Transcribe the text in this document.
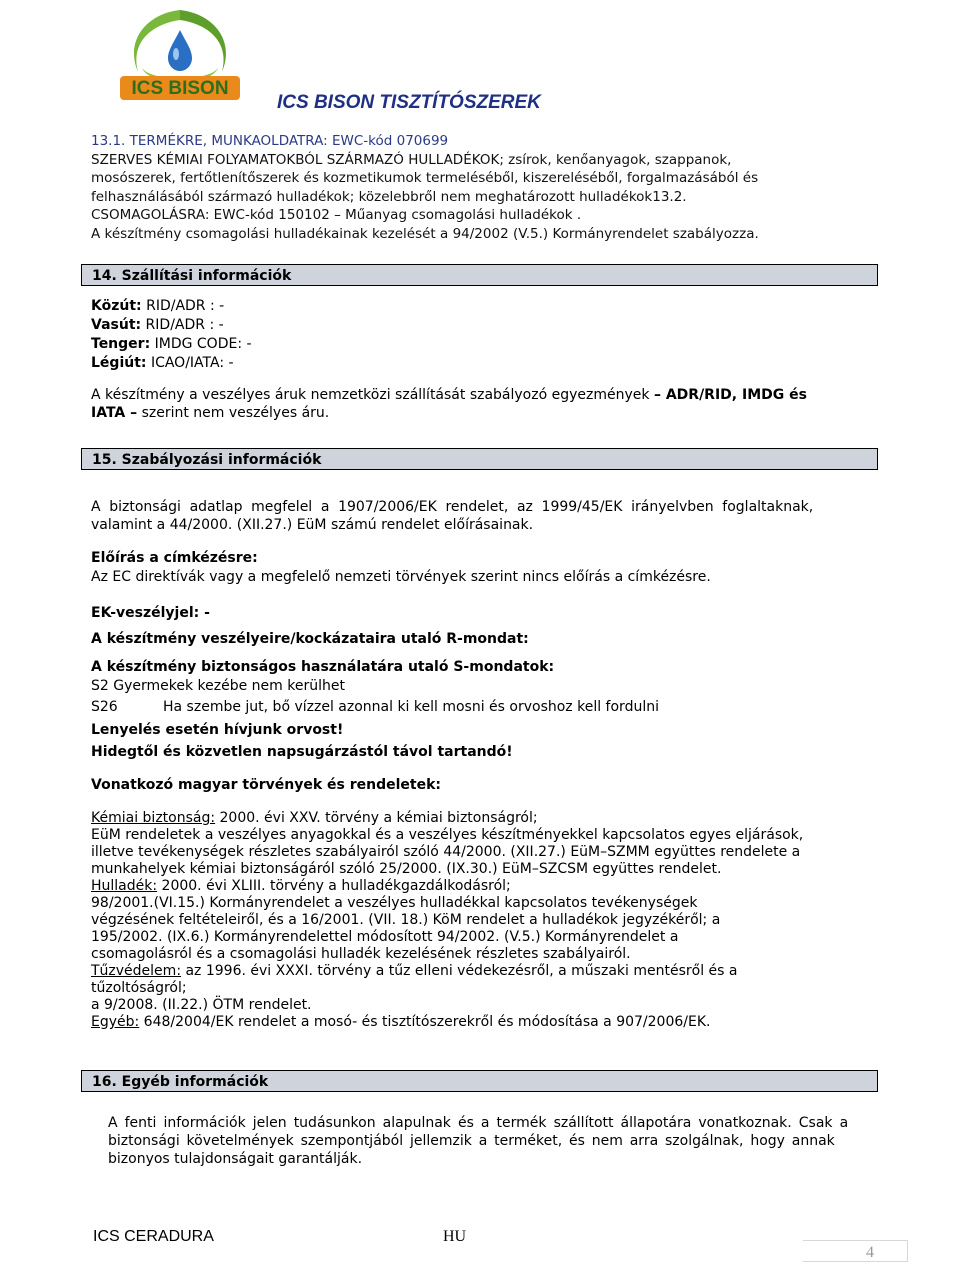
ICS BISON
ICS BISON TISZTÍTÓSZEREK
13.1. TERMÉKRE, MUNKAOLDATRA: EWC-kód 070699
SZERVES KÉMIAI FOLYAMATOKBÓL SZÁRMAZÓ HULLADÉKOK; zsírok, kenőanyagok, szappanok,
mosószerek, fertőtlenítőszerek és kozmetikumok termeléséből, kiszereléséből, forgalmazásából és
felhasználásából származó hulladékok; közelebbről nem meghatározott hulladékok13.2.
CSOMAGOLÁSRA: EWC-kód 150102 – Műanyag csomagolási hulladékok .
A készítmény csomagolási hulladékainak kezelését a 94/2002 (V.5.) Kormányrendelet szabályozza.
14. Szállítási információk
Közút: RID/ADR : -
Vasút: RID/ADR : -
Tenger: IMDG CODE: -
Légiút: ICAO/IATA: -
A készítmény a veszélyes áruk nemzetközi szállítását szabályozó egyezmények – ADR/RID, IMDG és
IATA – szerint nem veszélyes áru.
15. Szabályozási információk
A biztonsági adatlap megfelel a 1907/2006/EK rendelet, az 1999/45/EK irányelvben foglaltaknak,
valamint a 44/2000. (XII.27.) EüM számú rendelet előírásainak.
Előírás a címkézésre:
Az EC direktívák vagy a megfelelő nemzeti törvények szerint nincs előírás a címkézésre.
EK-veszélyjel: -
A készítmény veszélyeire/kockázataira utaló R-mondat:
A készítmény biztonságos használatára utaló S-mondatok:
S2 Gyermekek kezébe nem kerülhet
S26	Ha szembe jut, bő vízzel azonnal ki kell mosni és orvoshoz kell fordulni
Lenyelés esetén hívjunk orvost!
Hidegtől és közvetlen napsugárzástól távol tartandó!
Vonatkozó magyar törvények és rendeletek:
Kémiai biztonság: 2000. évi XXV. törvény a kémiai biztonságról;
EüM rendeletek a veszélyes anyagokkal és a veszélyes készítményekkel kapcsolatos egyes eljárások,
illetve tevékenységek részletes szabályairól szóló 44/2000. (XII.27.) EüM–SZMM együttes rendelete a
munkahelyek kémiai biztonságáról szóló 25/2000. (IX.30.) EüM–SZCSM együttes rendelet.
Hulladék: 2000. évi XLIII. törvény a hulladékgazdálkodásról;
98/2001.(VI.15.) Kormányrendelet a veszélyes hulladékkal kapcsolatos tevékenységek
végzésének feltételeiről, és a 16/2001. (VII. 18.) KöM rendelet a hulladékok jegyzékéről; a
195/2002. (IX.6.) Kormányrendelettel módosított 94/2002. (V.5.) Kormányrendelet a
csomagolásról és a csomagolási hulladék kezelésének részletes szabályairól.
Tűzvédelem: az 1996. évi XXXI. törvény a tűz elleni védekezésről, a műszaki mentésről és a
tűzoltóságról;
a 9/2008. (II.22.) ÖTM rendelet.
Egyéb: 648/2004/EK rendelet a mosó- és tisztítószerekről és módosítása a 907/2006/EK.
16. Egyéb információk
A fenti információk jelen tudásunkon alapulnak és a termék szállított állapotára vonatkoznak. Csak a
biztonsági követelmények szempontjából jellemzik a terméket, és nem arra szolgálnak, hogy annak
bizonyos tulajdonságait garantálják.
ICS CERADURA	HU
4
